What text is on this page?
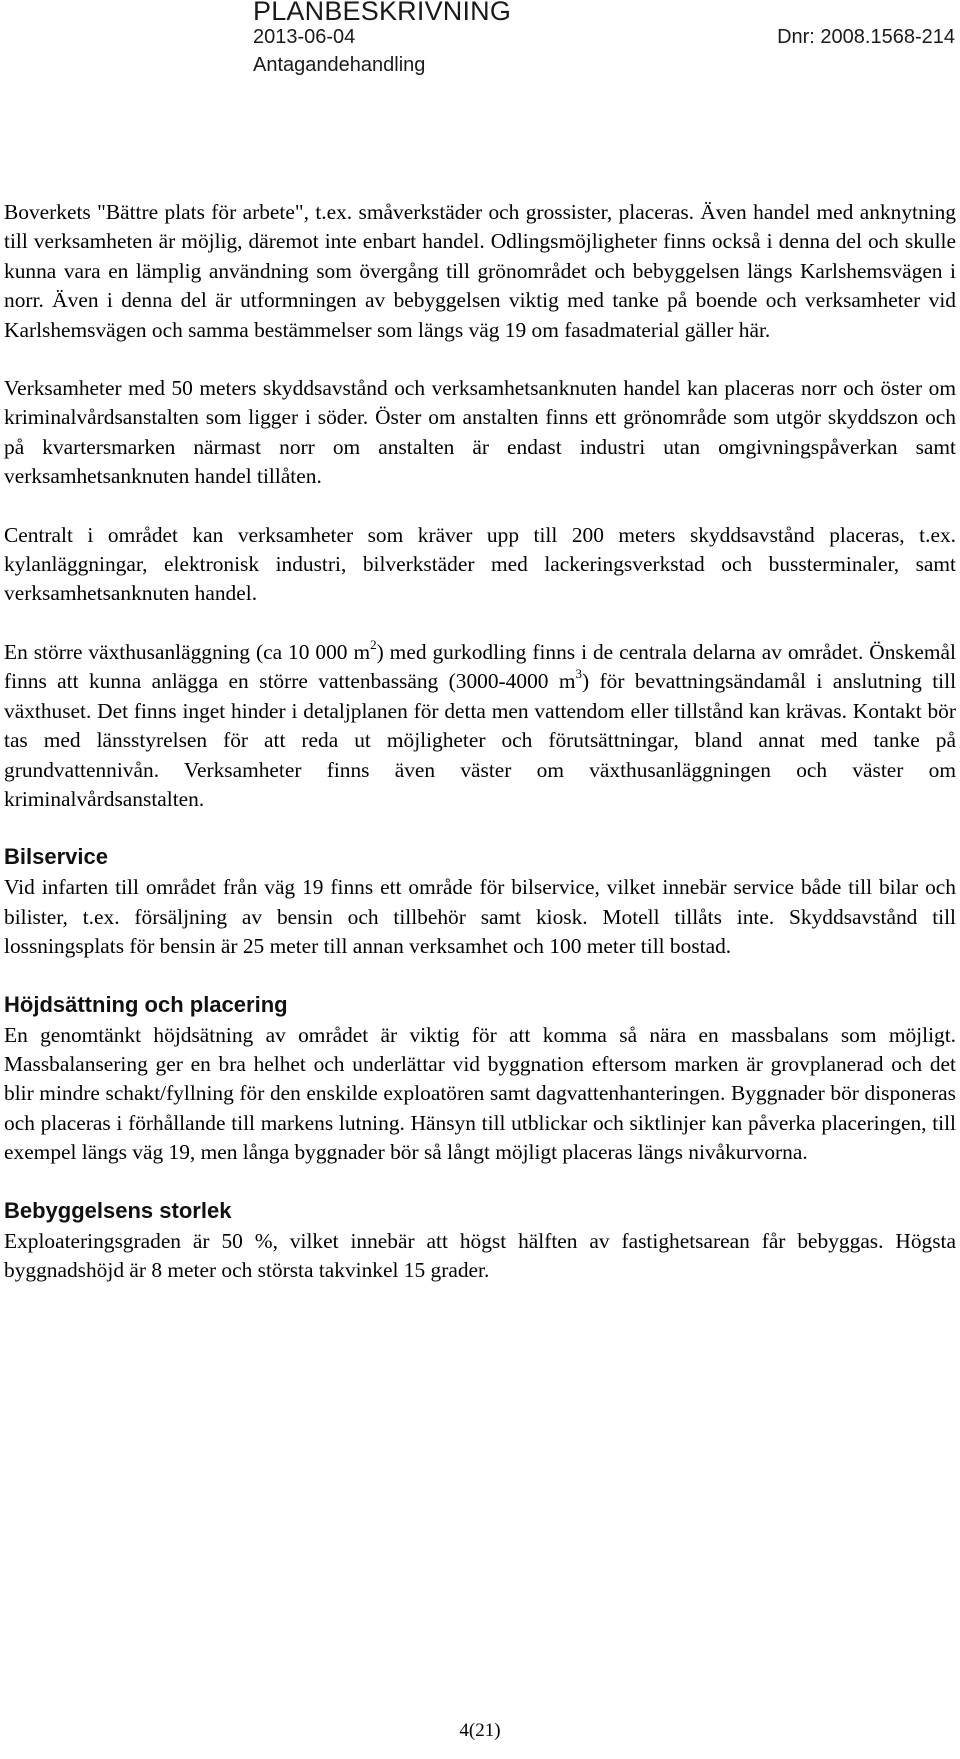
PLANBESKRIVNING
2013-06-04	Dnr: 2008.1568-214
Antagandehandling

Boverkets "Bättre plats för arbete", t.ex. småverkstäder och grossister, placeras. Även handel med anknytning till verksamheten är möjlig, däremot inte enbart handel. Odlingsmöjligheter finns också i denna del och skulle kunna vara en lämplig användning som övergång till grönområdet och bebyggelsen längs Karlshemsvägen i norr. Även i denna del är utformningen av bebyggelsen viktig med tanke på boende och verksamheter vid Karlshemsvägen och samma bestämmelser som längs väg 19 om fasadmaterial gäller här.

Verksamheter med 50 meters skyddsavstånd och verksamhetsanknuten handel kan placeras norr och öster om kriminalvårdsanstalten som ligger i söder. Öster om anstalten finns ett grönområde som utgör skyddszon och på kvartersmarken närmast norr om anstalten är endast industri utan omgivningspåverkan samt verksamhetsanknuten handel tillåten.

Centralt i området kan verksamheter som kräver upp till 200 meters skyddsavstånd placeras, t.ex. kylanläggningar, elektronisk industri, bilverkstäder med lackeringsverkstad och bussterminaler, samt verksamhetsanknuten handel.

En större växthusanläggning (ca 10 000 $m^2$) med gurkodling finns i de centrala delarna av området. Önskemål finns att kunna anlägga en större vattenbassäng (3000-4000 $m^3$) för bevattningsändamål i anslutning till växthuset. Det finns inget hinder i detaljplanen för detta men vattendom eller tillstånd kan krävas. Kontakt bör tas med länsstyrelsen för att reda ut möjligheter och förutsättningar, bland annat med tanke på grundvattennivån. Verksamheter finns även väster om växthusanläggningen och väster om kriminalvårdsanstalten.

Bilservice

Vid infarten till området från väg 19 finns ett område för bilservice, vilket innebär service både till bilar och bilister, t.ex. försäljning av bensin och tillbehör samt kiosk. Motell tillåts inte. Skyddsavstånd till lossningsplats för bensin är 25 meter till annan verksamhet och 100 meter till bostad.

Höjdsättning och placering

En genomtänkt höjdsätning av området är viktig för att komma så nära en massbalans som möjligt. Massbalansering ger en bra helhet och underlättar vid byggnation eftersom marken är grovplanerad och det blir mindre schakt/fyllning för den enskilde exploatören samt dagvattenhanteringen. Byggnader bör disponeras och placeras i förhållande till markens lutning. Hänsyn till utblickar och siktlinjer kan påverka placeringen, till exempel längs väg 19, men långa byggnader bör så långt möjligt placeras längs nivåkurvorna.

Bebyggelsens storlek

Exploateringsgraden är 50 %, vilket innebär att högst hälften av fastighetsarean får bebyggas. Högsta byggnadshöjd är 8 meter och största takvinkel 15 grader.

4(21)
